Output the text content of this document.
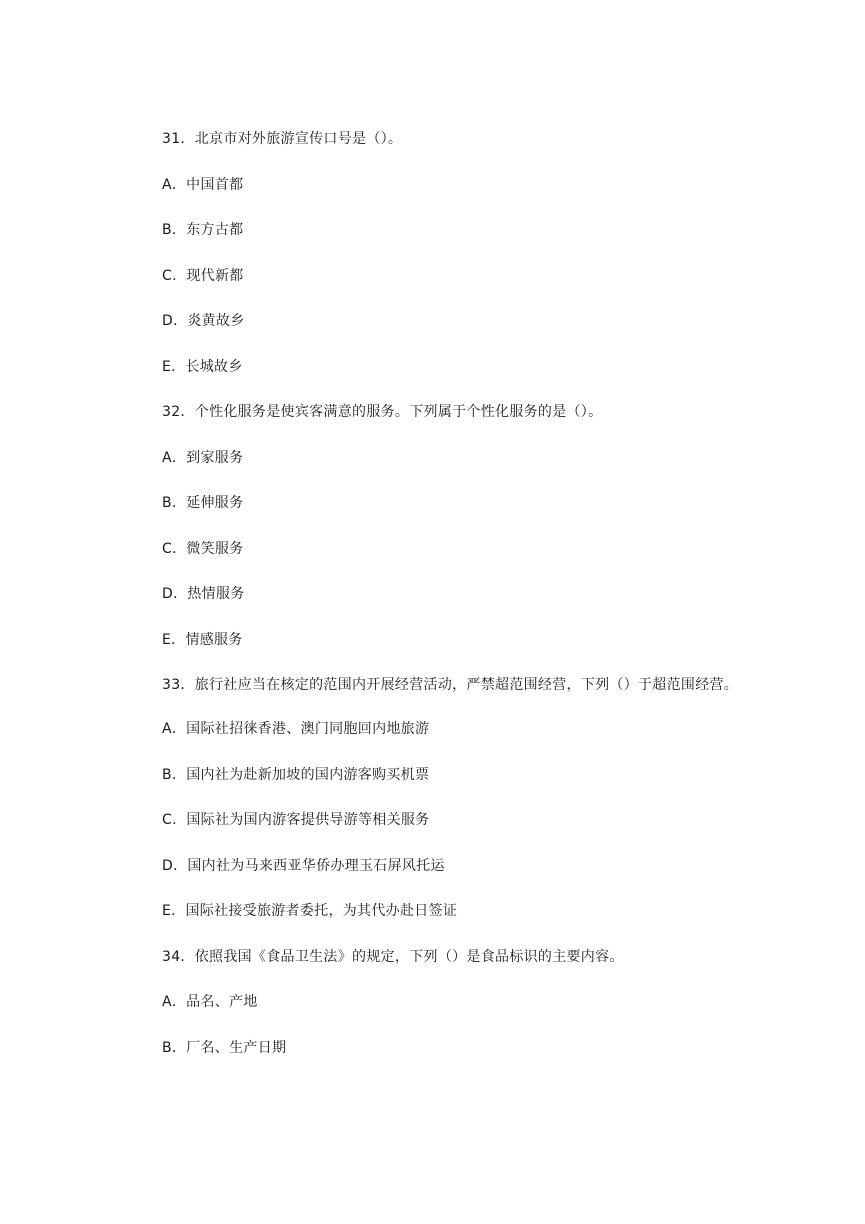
31．北京市对外旅游宣传口号是（）。

A．中国首都

B．东方古都

C．现代新都

D．炎黄故乡

E．长城故乡

32．个性化服务是使宾客满意的服务。下列属于个性化服务的是（）。

A．到家服务

B．延伸服务

C．微笑服务

D．热情服务

E．情感服务

33．旅行社应当在核定的范围内开展经营活动，严禁超范围经营，下列（）于超范围经营。

A．国际社招徕香港、澳门同胞回内地旅游

B．国内社为赴新加坡的国内游客购买机票

C．国际社为国内游客提供导游等相关服务

D．国内社为马来西亚华侨办理玉石屏风托运

E．国际社接受旅游者委托，为其代办赴日签证

34．依照我国《食品卫生法》的规定，下列（）是食品标识的主要内容。

A．品名、产地

B．厂名、生产日期
